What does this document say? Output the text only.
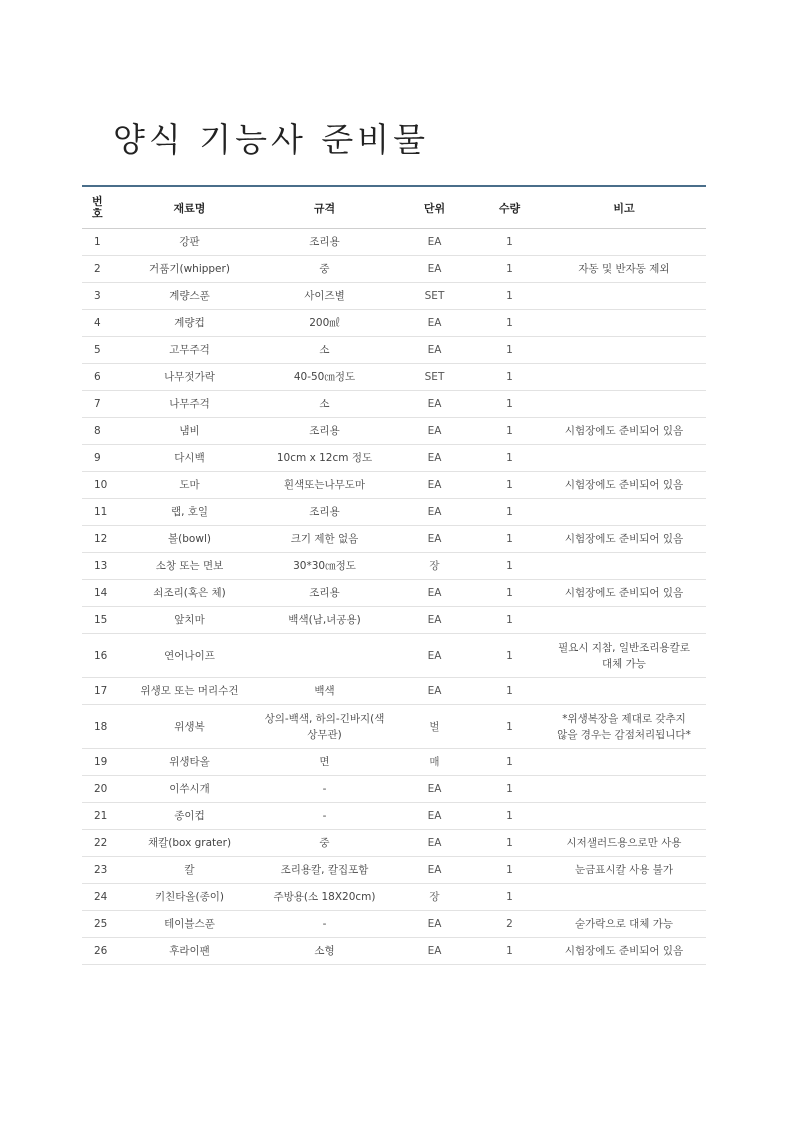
양식 기능사 준비물
번
호	재료명	규격	단위	수량	비고
1	강판	조리용	EA	1	
2	거품기(whipper)	중	EA	1	자동 및 반자동 제외
3	계량스푼	사이즈별	SET	1	
4	계량컵	200㎖	EA	1	
5	고무주걱	소	EA	1	
6	나무젓가락	40-50㎝정도	SET	1	
7	나무주걱	소	EA	1	
8	냄비	조리용	EA	1	시험장에도 준비되어 있음
9	다시백	10cm x 12cm 정도	EA	1	
10	도마	흰색또는나무도마	EA	1	시험장에도 준비되어 있음
11	랩, 호일	조리용	EA	1	
12	볼(bowl)	크기 제한 없음	EA	1	시험장에도 준비되어 있음
13	소창 또는 면보	30*30㎝정도	장	1	
14	쇠조리(혹은 체)	조리용	EA	1	시험장에도 준비되어 있음
15	앞치마	백색(남,녀공용)	EA	1	
16	연어나이프		EA	1	필요시 지참, 일반조리용칼로
대체 가능
17	위생모 또는 머리수건	백색	EA	1	
18	위생복	상의-백색, 하의-긴바지(색
상무관)	벌	1	*위생복장을 제대로 갖추지
않을 경우는 감점처리됩니다*
19	위생타올	면	매	1	
20	이쑤시개	-	EA	1	
21	종이컵	-	EA	1	
22	채칼(box grater)	중	EA	1	시저샐러드용으로만 사용
23	칼	조리용칼, 칼집포함	EA	1	눈금표시칼 사용 불가
24	키친타올(종이)	주방용(소 18X20cm)	장	1	
25	테이블스푼	-	EA	2	숟가락으로 대체 가능
26	후라이팬	소형	EA	1	시험장에도 준비되어 있음
